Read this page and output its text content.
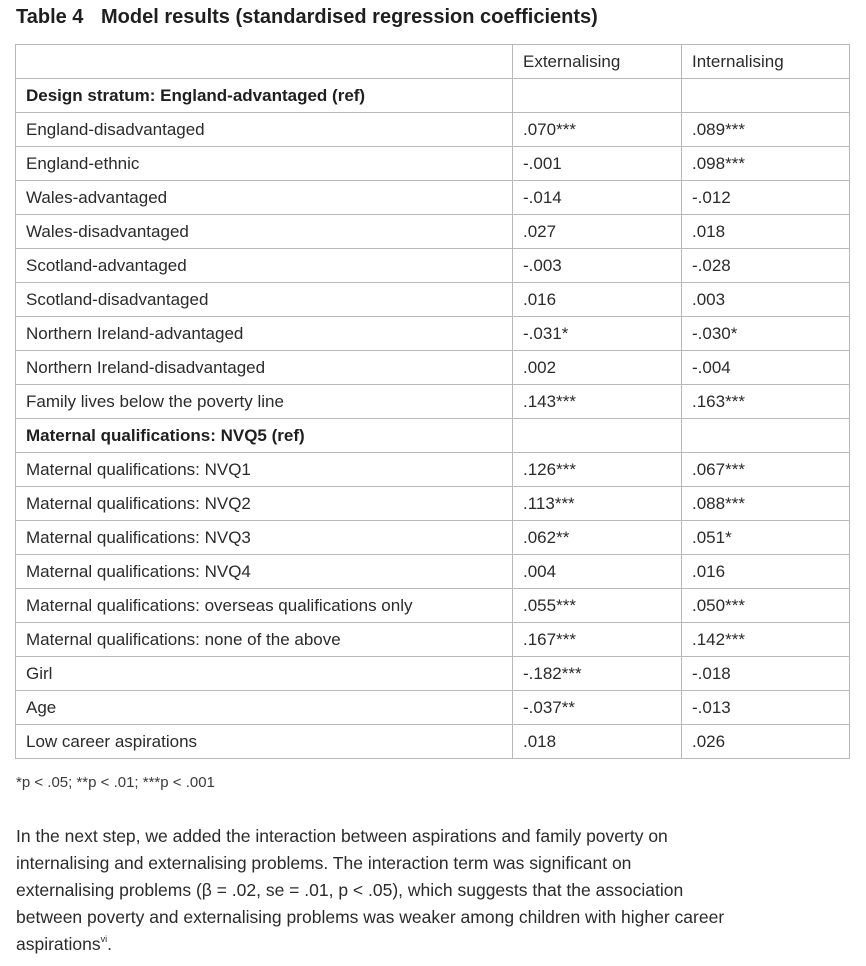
Table 4 Model results (standardised regression coefficients)
	Externalising	Internalising
Design stratum: England-advantaged (ref)		
England-disadvantaged	.070***	.089***
England-ethnic	-.001	.098***
Wales-advantaged	-.014	-.012
Wales-disadvantaged	.027	.018
Scotland-advantaged	-.003	-.028
Scotland-disadvantaged	.016	.003
Northern Ireland-advantaged	-.031*	-.030*
Northern Ireland-disadvantaged	.002	-.004
Family lives below the poverty line	.143***	.163***
Maternal qualifications: NVQ5 (ref)		
Maternal qualifications: NVQ1	.126***	.067***
Maternal qualifications: NVQ2	.113***	.088***
Maternal qualifications: NVQ3	.062**	.051*
Maternal qualifications: NVQ4	.004	.016
Maternal qualifications: overseas qualifications only	.055***	.050***
Maternal qualifications: none of the above	.167***	.142***
Girl	-.182***	-.018
Age	-.037**	-.013
Low career aspirations	.018	.026
*p < .05; **p < .01; ***p < .001
In the next step, we added the interaction between aspirations and family poverty on
internalising and externalising problems. The interaction term was significant on
externalising problems (β = .02, se = .01, p < .05), which suggests that the association
between poverty and externalising problems was weaker among children with higher career
aspirations$^{vi}$.
